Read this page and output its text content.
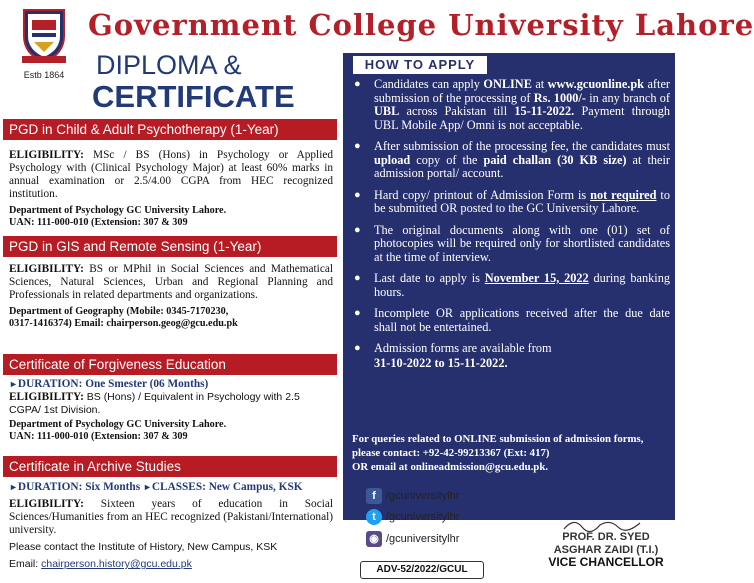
Estb 1864
Government College University Lahore
DIPLOMA &
CERTIFICATE
PGD in Child & Adult Psychotherapy (1-Year)

ELIGIBILITY: MSc / BS (Hons) in Psychology or Applied Psychology with (Clinical Psychology Major) at least 60% marks in annual examination or 2.5/4.00 CGPA from HEC recognized institution.

Department of Psychology GC University Lahore.

UAN: 111-000-010 (Extension: 307 & 309

PGD in GIS and Remote Sensing (1-Year)

ELIGIBILITY: BS or MPhil in Social Sciences and Mathematical Sciences, Natural Sciences, Urban and Regional Planning and Professionals in related departments and organizations.

Department of Geography (Mobile: 0345-7170230,

0317-1416374) Email: chairperson.geog@gcu.edu.pk

Certificate of Forgiveness Education

►DURATION: One Smester (06 Months)

ELIGIBILITY: BS (Hons) / Equivalent in Psychology with 2.5 CGPA/ 1st Division.

Department of Psychology GC University Lahore.

UAN: 111-000-010 (Extension: 307 & 309

Certificate in Archive Studies

►DURATION: Six Months ►CLASSES: New Campus, KSK

ELIGIBILITY: Sixteen years of education in Social Sciences/Humanities from an HEC recognized (Pakistani/International) university.

Please contact the Institute of History, New Campus, KSK

Email: chairperson.history@gcu.edu.pk

HOW TO APPLY
● Candidates can apply ONLINE at www.gcuonline.pk after submission of the processing of Rs. 1000/- in any branch of UBL across Pakistan till 15-11-2022. Payment through UBL Mobile App/ Omni is not acceptable.
● After submission of the processing fee, the candidates must upload copy of the paid challan (30 KB size) at their admission portal/ account.
● Hard copy/ printout of Admission Form is not required to be submitted OR posted to the GC University Lahore.
● The original documents along with one (01) set of photocopies will be required only for shortlisted candidates at the time of interview.
● Last date to apply is November 15, 2022 during banking hours.
● Incomplete OR applications received after the due date shall not be entertained.
● Admission forms are available from
31-10-2022 to 15-11-2022.
For queries related to ONLINE submission of admission forms, please contact: +92-42-99213367 (Ext: 417)
OR email at onlineadmission@gcu.edu.pk.
f /gcuniversitylhr
t /gcuniversitylhr
◉ /gcuniversitylhr
ADV-52/2022/GCUL
PROF. DR. SYED
ASGHAR ZAIDI (T.I.)
VICE CHANCELLOR
